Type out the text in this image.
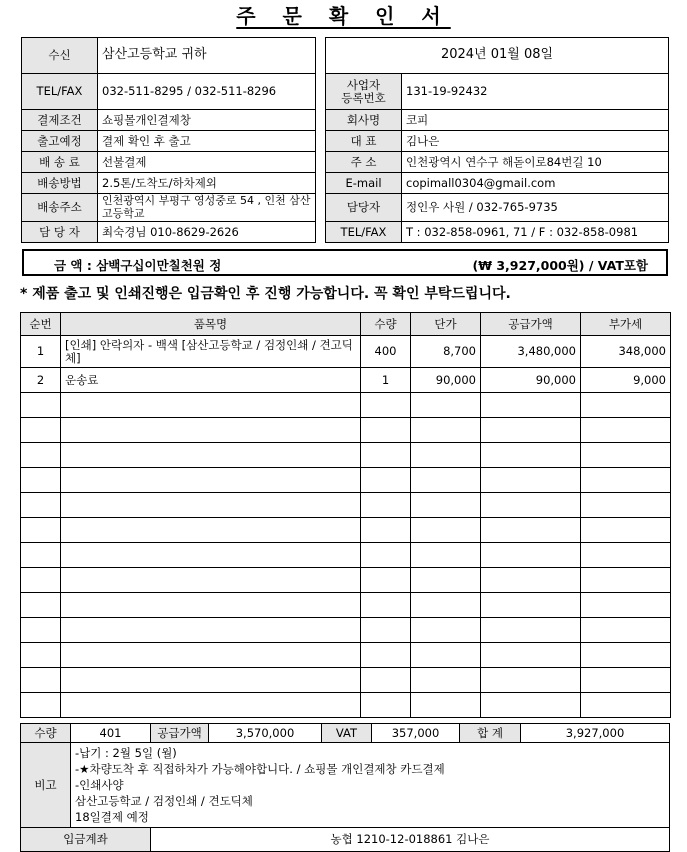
주 문 확 인 서
수신	삼산고등학교 귀하
TEL/FAX	032-511-8295 / 032-511-8296
결제조건	쇼핑몰개인결제창
출고예정	결제 확인 후 출고
배 송 료	선불결제
배송방법	2.5톤/도착도/하차제외
배송주소	인천광역시 부평구 영성중로 54 , 인천 삼산고등학교
담 당 자	최숙경님 010-8629-2626
2024년 01월 08일	
사업자
등록번호	131-19-92432
회사명	코피
대 표	김나은
주 소	인천광역시 연수구 해돋이로84번길 10
E-mail	copimall0304@gmail.com
담당자	정인우 사원 / 032-765-9735
TEL/FAX	T : 032-858-0961, 71 / F : 032-858-0981
금 액 : 삼백구십이만칠천원 정	(₩ 3,927,000원) / VAT포함
* 제품 출고 및 인쇄진행은 입금확인 후 진행 가능합니다. 꼭 확인 부탁드립니다.
순번	품목명	수량	단가	공급가액	부가세
1	[인쇄] 안락의자 - 백색 [삼산고등학교 / 검정인쇄 / 견고딕체]	400	8,700	3,480,000	348,000
2	운송료	1	90,000	90,000	9,000

수량	401	공급가액	3,570,000	VAT	357,000	합 계	3,927,000
비고	-납기 : 2월 5일 (월)
-★차량도착 후 직접하차가 가능해야합니다. / 쇼핑몰 개인결제창 카드결제
-인쇄사양
삼산고등학교 / 검정인쇄 / 견도딕체
18일결제 예정						

입금계좌		농협 1210-12-018861 김나은					
